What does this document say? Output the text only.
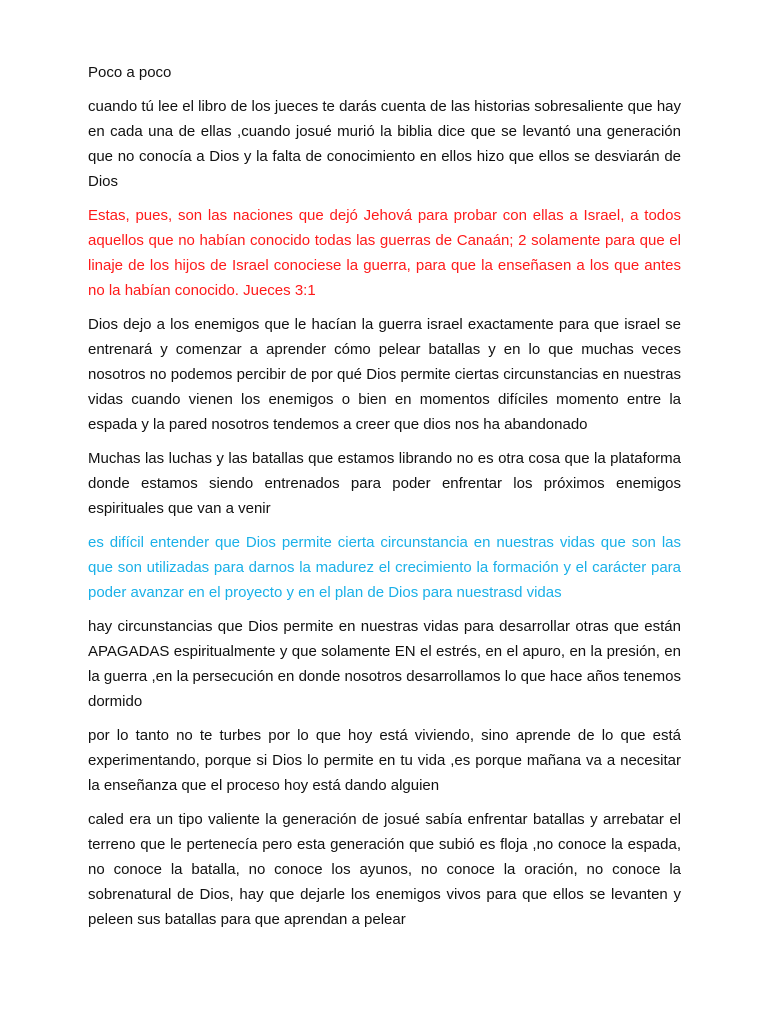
Poco a poco

cuando tú lee el libro de los jueces te darás cuenta de las historias sobresaliente que hay en cada una de ellas ,cuando josué murió la biblia dice que se levantó una generación que no conocía a Dios y la falta de conocimiento en ellos hizo que ellos se desviarán de Dios

Estas, pues, son las naciones que dejó Jehová para probar con ellas a Israel, a todos aquellos que no habían conocido todas las guerras de Canaán; 2 solamente para que el linaje de los hijos de Israel conociese la guerra, para que la enseñasen a los que antes no la habían conocido. Jueces 3:1

Dios dejo a los enemigos que le hacían la guerra israel exactamente para que israel se entrenará y comenzar a aprender cómo pelear batallas y en lo que muchas veces nosotros no podemos percibir de por qué Dios permite ciertas circunstancias en nuestras vidas cuando vienen los enemigos o bien en momentos difíciles momento entre la espada y la pared nosotros tendemos a creer que dios nos ha abandonado

Muchas las luchas y las batallas que estamos librando no es otra cosa que la plataforma donde estamos siendo entrenados para poder enfrentar los próximos enemigos espirituales que van a venir

es difícil entender que Dios permite cierta circunstancia en nuestras vidas que son las que son utilizadas para darnos la madurez el crecimiento la formación y el carácter para poder avanzar en el proyecto y en el plan de Dios para nuestrasd vidas

hay circunstancias que Dios permite en nuestras vidas para desarrollar otras que están APAGADAS espiritualmente y que solamente EN el estrés, en el apuro, en la presión, en la guerra ,en la persecución en donde nosotros desarrollamos lo que hace años tenemos dormido

por lo tanto no te turbes por lo que hoy está viviendo, sino aprende de lo que está experimentando, porque si Dios lo permite en tu vida ,es porque mañana va a necesitar la enseñanza que el proceso hoy está dando alguien

caled era un tipo valiente la generación de josué sabía enfrentar batallas y arrebatar el terreno que le pertenecía pero esta generación que subió es floja ,no conoce la espada, no conoce la batalla, no conoce los ayunos, no conoce la oración, no conoce la sobrenatural de Dios, hay que dejarle los enemigos vivos para que ellos se levanten y peleen sus batallas para que aprendan a pelear
